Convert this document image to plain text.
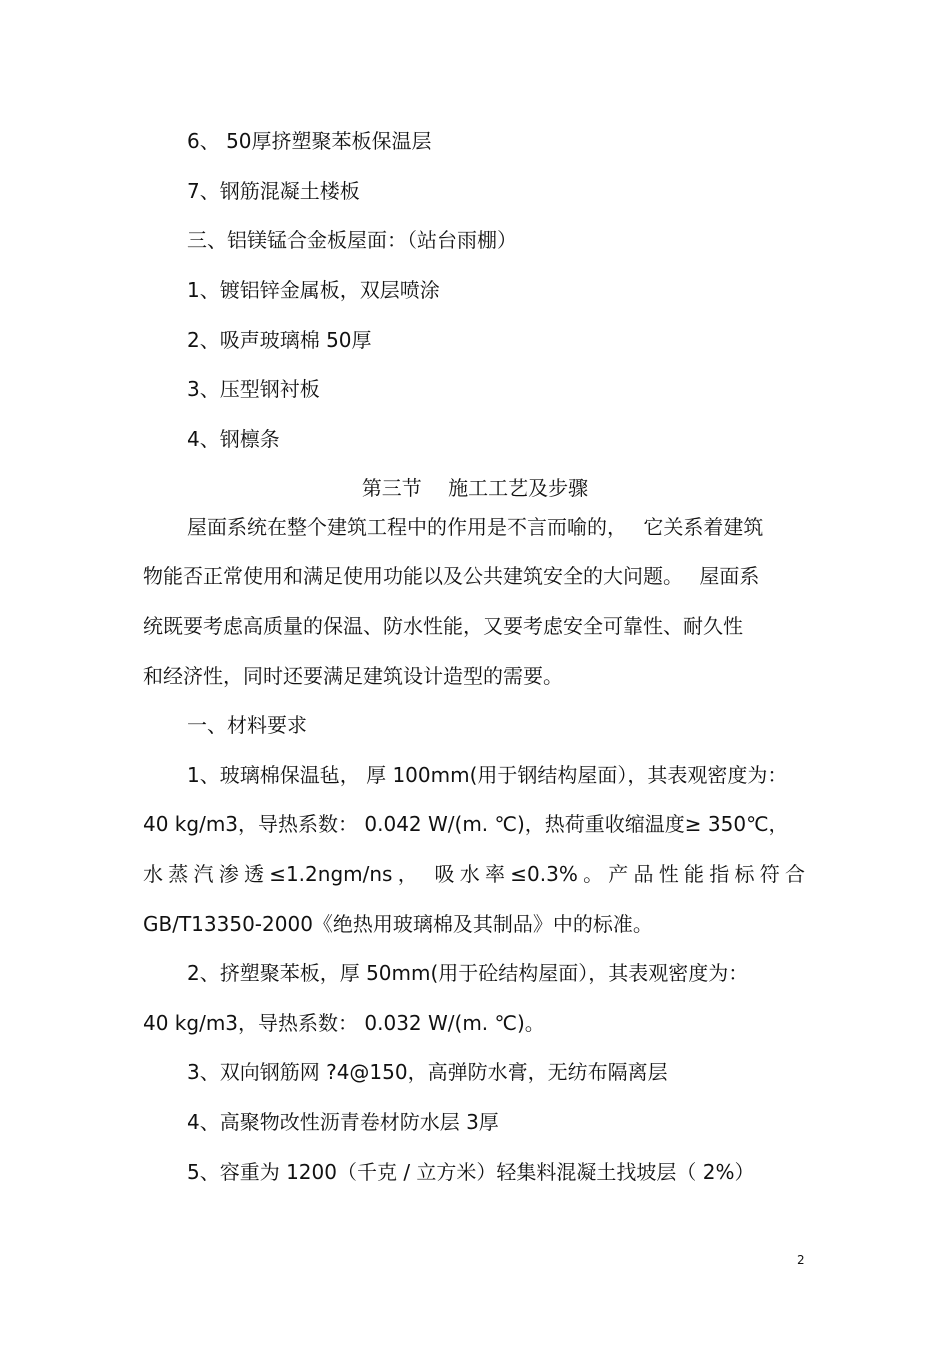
6、 50厚挤塑聚苯板保温层

7、钢筋混凝土楼板

三、铝镁锰合金板屋面：（站台雨棚）

1、镀铝锌金属板，双层喷涂

2、吸声玻璃棉 50厚

3、压型钢衬板

4、钢檩条

第三节　 施工工艺及步骤

屋面系统在整个建筑工程中的作用是不言而喻的，　 它关系着建筑

物能否正常使用和满足使用功能以及公共建筑安全的大问题。　 屋面系

统既要考虑高质量的保温、防水性能，又要考虑安全可靠性、耐久性

和经济性，同时还要满足建筑设计造型的需要。

一、材料要求

1、玻璃棉保温毡， 厚 100mm(用于钢结构屋面），其表观密度为：

40 kg/m3，导热系数： 0.042 W/(m. ℃)，热荷重收缩温度≥ 350℃，

水蒸汽渗透≤1.2ngm/ns， 吸水率≤0.3%。产品性能指标符合

GB/T13350-2000《绝热用玻璃棉及其制品》中的标准。

2、挤塑聚苯板，厚 50mm(用于砼结构屋面），其表观密度为：

40 kg/m3，导热系数： 0.032 W/(m. ℃)。

3、双向钢筋网 ?4@150，高弹防水膏，无纺布隔离层

4、高聚物改性沥青卷材防水层 3厚

5、容重为 1200（千克 / 立方米）轻集料混凝土找坡层（ 2%）

2
